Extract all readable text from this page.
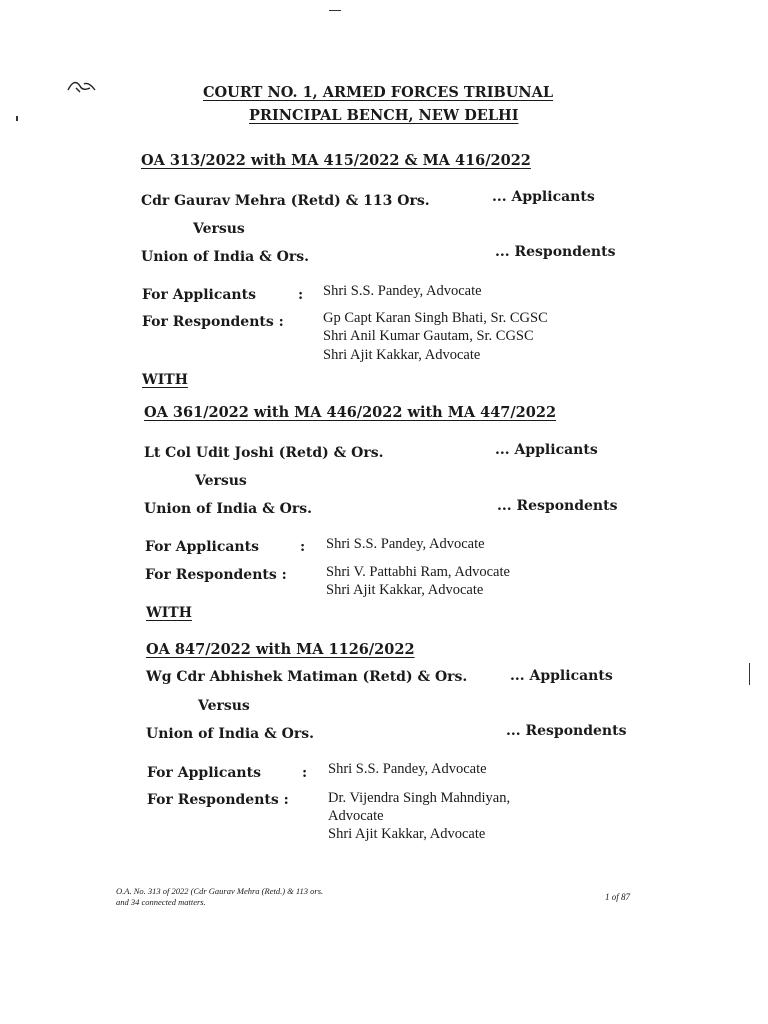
COURT NO. 1, ARMED FORCES TRIBUNAL
PRINCIPAL BENCH, NEW DELHI
OA 313/2022 with MA 415/2022 & MA 416/2022
Cdr Gaurav Mehra (Retd) & 113 Ors.	... Applicants
Versus
Union of India & Ors.	... Respondents
For Applicants	: Shri S.S. Pandey, Advocate
For Respondents :	Gp Capt Karan Singh Bhati, Sr. CGSC
Shri Anil Kumar Gautam, Sr. CGSC
Shri Ajit Kakkar, Advocate
WITH
OA 361/2022 with MA 446/2022 with MA 447/2022
Lt Col Udit Joshi (Retd) & Ors.	... Applicants
Versus
Union of India & Ors.	... Respondents
For Applicants	: Shri S.S. Pandey, Advocate
For Respondents :	Shri V. Pattabhi Ram, Advocate
Shri Ajit Kakkar, Advocate
WITH
OA 847/2022 with MA 1126/2022
Wg Cdr Abhishek Matiman (Retd) & Ors.	... Applicants
Versus
Union of India & Ors.	... Respondents
For Applicants	: Shri S.S. Pandey, Advocate
For Respondents :	Dr. Vijendra Singh Mahndiyan,
Advocate
Shri Ajit Kakkar, Advocate
O.A. No. 313 of 2022 (Cdr Gaurav Mehra (Retd.) & 113 ors.
and 34 connected matters.	1 of 87
